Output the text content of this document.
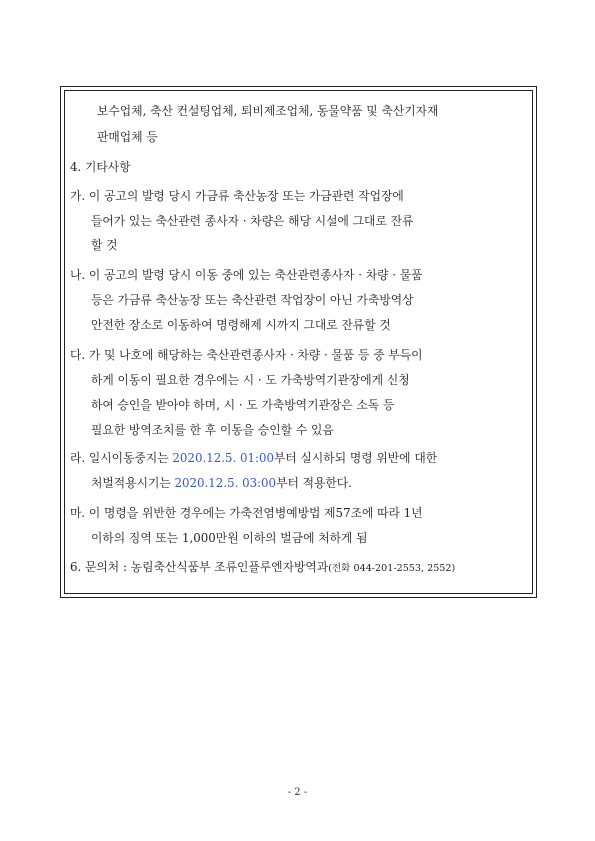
보수업체, 축산 컨설팅업체, 퇴비제조업체, 동물약품 및 축산기자재
판매업체 등
4. 기타사항
가. 이 공고의 발령 당시 가금류 축산농장 또는 가금관련 작업장에
들어가 있는 축산관련 종사자 · 차량은 해당 시설에 그대로 잔류
할 것
나. 이 공고의 발령 당시 이동 중에 있는 축산관련종사자 · 차량 · 물품
등은 가금류 축산농장 또는 축산관련 작업장이 아닌 가축방역상
안전한 장소로 이동하여 명령해제 시까지 그대로 잔류할 것
다. 가 및 나호에 해당하는 축산관련종사자 · 차량 · 물품 등 중 부득이
하게 이동이 필요한 경우에는 시 · 도 가축방역기관장에게 신청
하여 승인을 받아야 하며, 시 · 도 가축방역기관장은 소독 등
필요한 방역조치를 한 후 이동을 승인할 수 있음
라. 일시이동중지는 2020.12.5. 01:00부터 실시하되 명령 위반에 대한
처벌적용시기는 2020.12.5. 03:00부터 적용한다.
마. 이 명령을 위반한 경우에는 가축전염병예방법 제57조에 따라 1년
이하의 징역 또는 1,000만원 이하의 벌금에 처하게 됨
6. 문의처 : 농림축산식품부 조류인플루엔자방역과(전화 044-201-2553, 2552)
- 2 -
